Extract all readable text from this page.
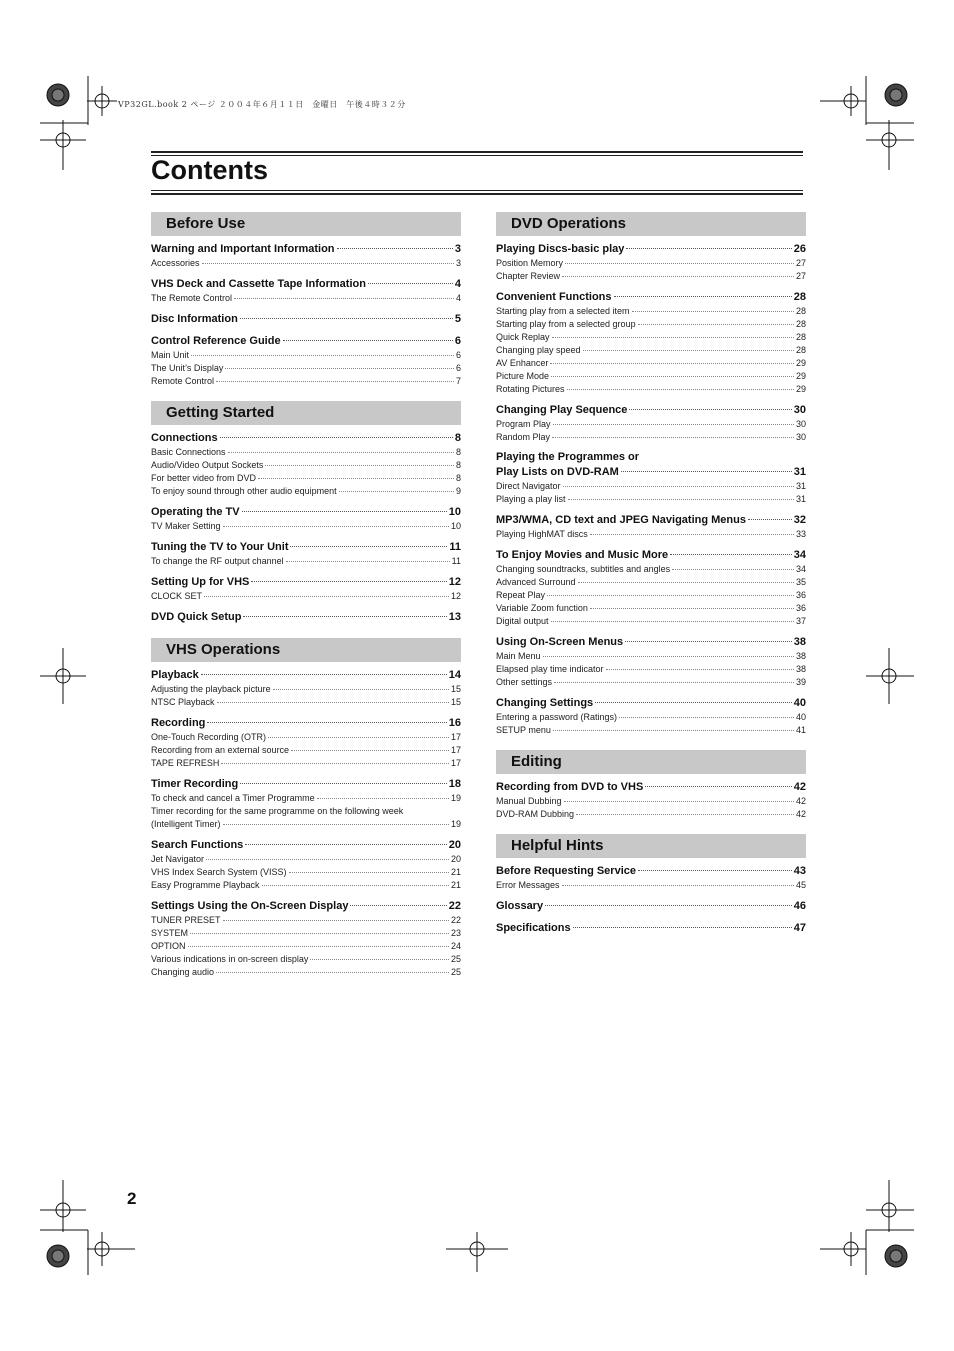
VP32GL.book 2 ページ ２００４年６月１１日　金曜日　午後４時３２分
Contents
Before Use
Warning and Important Information	3
Accessories	3
VHS Deck and Cassette Tape Information	4
The Remote Control	4
Disc Information	5
Control Reference Guide	6
Main Unit	6
The Unit’s Display	6
Remote Control	7
Getting Started
Connections	8
Basic Connections	8
Audio/Video Output Sockets	8
For better video from DVD	8
To enjoy sound through other audio equipment	9
Operating the TV	10
TV Maker Setting	10
Tuning the TV to Your Unit	11
To change the RF output channel	11
Setting Up for VHS	12
CLOCK SET	12
DVD Quick Setup	13
VHS Operations
Playback	14
Adjusting the playback picture	15
NTSC Playback	15
Recording	16
One-Touch Recording (OTR)	17
Recording from an external source	17
TAPE REFRESH	17
Timer Recording	18
To check and cancel a Timer Programme	19
Timer recording for the same programme on the following week
(Intelligent Timer)	19
Search Functions	20
Jet Navigator	20
VHS Index Search System (VISS)	21
Easy Programme Playback	21
Settings Using the On-Screen Display	22
TUNER PRESET	22
SYSTEM	23
OPTION	24
Various indications in on-screen display	25
Changing audio	25
DVD Operations
Playing Discs-basic play	26
Position Memory	27
Chapter Review	27
Convenient Functions	28
Starting play from a selected item	28
Starting play from a selected group	28
Quick Replay	28
Changing play speed	28
AV Enhancer	29
Picture Mode	29
Rotating Pictures	29
Changing Play Sequence	30
Program Play	30
Random Play	30
Playing the Programmes or
Play Lists on DVD-RAM	31
Direct Navigator	31
Playing a play list	31
MP3/WMA, CD text and JPEG Navigating Menus	32
Playing HighMAT discs	33
To Enjoy Movies and Music More	34
Changing soundtracks, subtitles and angles	34
Advanced Surround	35
Repeat Play	36
Variable Zoom function	36
Digital output	37
Using On-Screen Menus	38
Main Menu	38
Elapsed play time indicator	38
Other settings	39
Changing Settings	40
Entering a password (Ratings)	40
SETUP menu	41
Editing
Recording from DVD to VHS	42
Manual Dubbing	42
DVD-RAM Dubbing	42
Helpful Hints
Before Requesting Service	43
Error Messages	45
Glossary	46
Specifications	47
2
